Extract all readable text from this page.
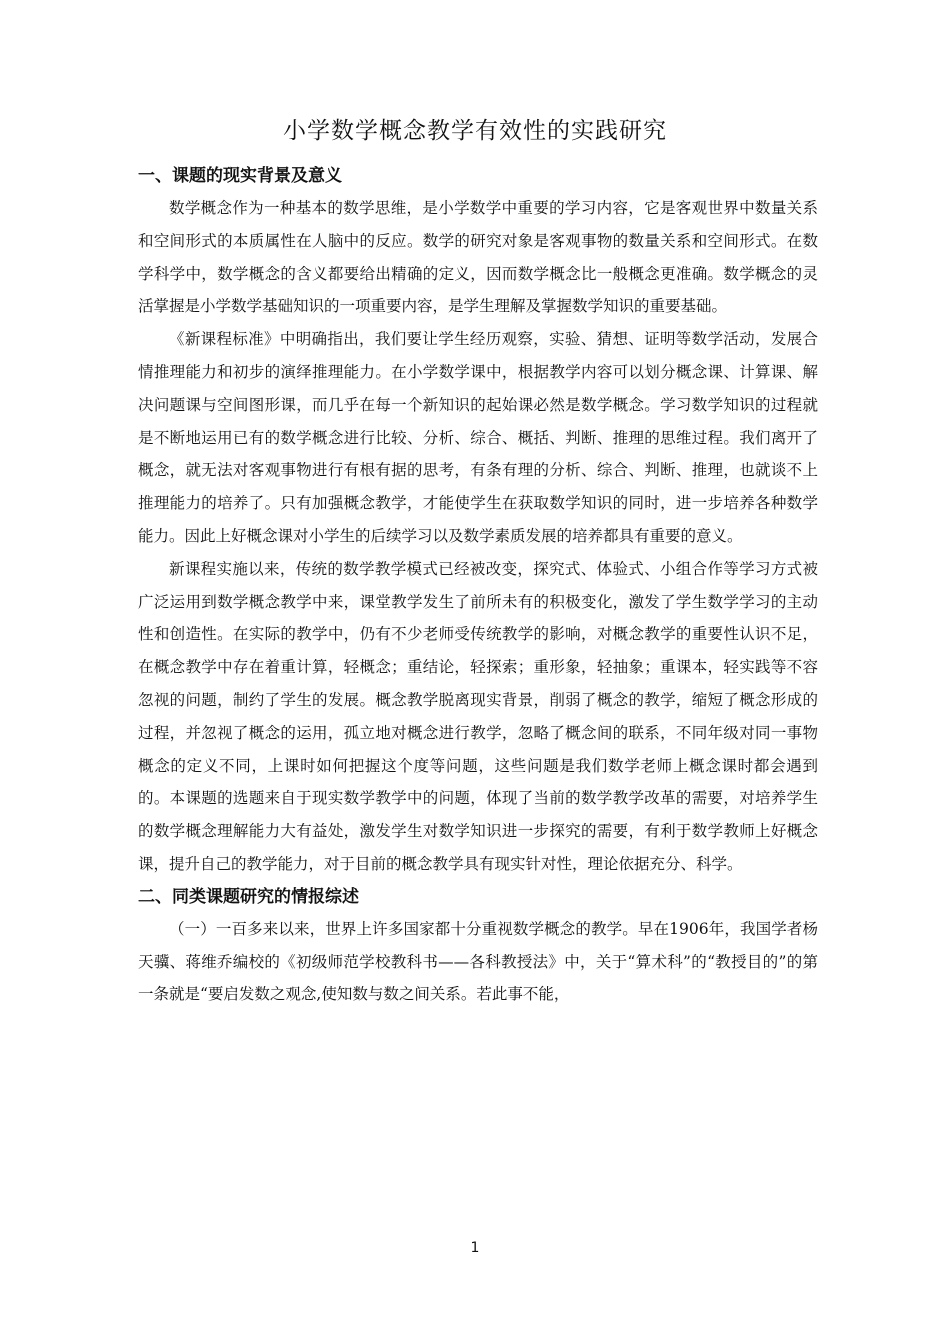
小学数学概念教学有效性的实践研究
一、课题的现实背景及意义

数学概念作为一种基本的数学思维，是小学数学中重要的学习内容，它是客观世界中数量关系和空间形式的本质属性在人脑中的反应。数学的研究对象是客观事物的数量关系和空间形式。在数学科学中，数学概念的含义都要给出精确的定义，因而数学概念比一般概念更准确。数学概念的灵活掌握是小学数学基础知识的一项重要内容，是学生理解及掌握数学知识的重要基础。

《新课程标准》中明确指出，我们要让学生经历观察，实验、猜想、证明等数学活动，发展合情推理能力和初步的演绎推理能力。在小学数学课中，根据教学内容可以划分概念课、计算课、解决问题课与空间图形课，而几乎在每一个新知识的起始课必然是数学概念。学习数学知识的过程就是不断地运用已有的数学概念进行比较、分析、综合、概括、判断、推理的思维过程。我们离开了概念，就无法对客观事物进行有根有据的思考，有条有理的分析、综合、判断、推理，也就谈不上推理能力的培养了。只有加强概念教学，才能使学生在获取数学知识的同时，进一步培养各种数学能力。因此上好概念课对小学生的后续学习以及数学素质发展的培养都具有重要的意义。

新课程实施以来，传统的数学教学模式已经被改变，探究式、体验式、小组合作等学习方式被广泛运用到数学概念教学中来，课堂教学发生了前所未有的积极变化，激发了学生数学学习的主动性和创造性。在实际的教学中，仍有不少老师受传统教学的影响，对概念教学的重要性认识不足，在概念教学中存在着重计算，轻概念；重结论，轻探索；重形象，轻抽象；重课本，轻实践等不容忽视的问题，制约了学生的发展。概念教学脱离现实背景，削弱了概念的教学，缩短了概念形成的过程，并忽视了概念的运用，孤立地对概念进行教学，忽略了概念间的联系，不同年级对同一事物概念的定义不同，上课时如何把握这个度等问题，这些问题是我们数学老师上概念课时都会遇到的。本课题的选题来自于现实数学教学中的问题，体现了当前的数学教学改革的需要，对培养学生的数学概念理解能力大有益处，激发学生对数学知识进一步探究的需要，有利于数学教师上好概念课，提升自己的教学能力，对于目前的概念教学具有现实针对性，理论依据充分、科学。

二、同类课题研究的情报综述

（一）一百多来以来，世界上许多国家都十分重视数学概念的教学。早在1906年，我国学者杨天骥、蒋维乔编校的《初级师范学校教科书——各科教授法》中，关于“算术科”的“教授目的”的第一条就是“要启发数之观念,使知数与数之间关系。若此事不能，

1
